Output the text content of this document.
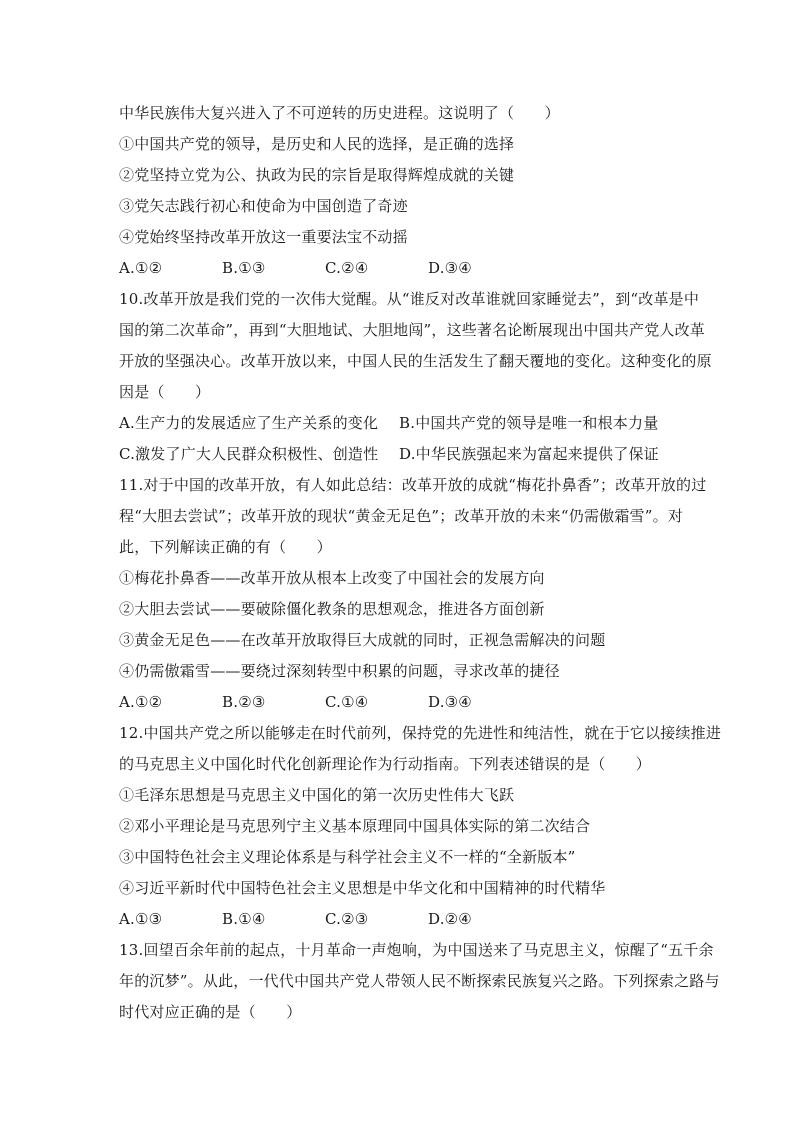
中华民族伟大复兴进入了不可逆转的历史进程。这说明了（　　）
①中国共产党的领导，是历史和人民的选择，是正确的选择
②党坚持立党为公、执政为民的宗旨是取得辉煌成就的关键
③党矢志践行初心和使命为中国创造了奇迹
④党始终坚持改革开放这一重要法宝不动摇
A.①②	B.①③	C.②④	D.③④
10.改革开放是我们党的一次伟大觉醒。从“谁反对改革谁就回家睡觉去”，到“改革是中
国的第二次革命”，再到“大胆地试、大胆地闯”，这些著名论断展现出中国共产党人改革
开放的坚强决心。改革开放以来，中国人民的生活发生了翻天覆地的变化。这种变化的原
因是（　　）
A.生产力的发展适应了生产关系的变化	B.中国共产党的领导是唯一和根本力量
C.激发了广大人民群众积极性、创造性	D.中华民族强起来为富起来提供了保证
11.对于中国的改革开放，有人如此总结：改革开放的成就“梅花扑鼻香”；改革开放的过
程“大胆去尝试”；改革开放的现状“黄金无足色”；改革开放的未来“仍需傲霜雪”。对
此，下列解读正确的有（　　）
①梅花扑鼻香——改革开放从根本上改变了中国社会的发展方向
②大胆去尝试——要破除僵化教条的思想观念，推进各方面创新
③黄金无足色——在改革开放取得巨大成就的同时，正视急需解决的问题
④仍需傲霜雪——要绕过深刻转型中积累的问题，寻求改革的捷径
A.①②	B.②③	C.①④	D.③④
12.中国共产党之所以能够走在时代前列，保持党的先进性和纯洁性，就在于它以接续推进
的马克思主义中国化时代化创新理论作为行动指南。下列表述错误的是（　　）
①毛泽东思想是马克思主义中国化的第一次历史性伟大飞跃
②邓小平理论是马克思列宁主义基本原理同中国具体实际的第二次结合
③中国特色社会主义理论体系是与科学社会主义不一样的“全新版本”
④习近平新时代中国特色社会主义思想是中华文化和中国精神的时代精华
A.①③	B.①④	C.②③	D.②④
13.回望百余年前的起点，十月革命一声炮响，为中国送来了马克思主义，惊醒了“五千余
年的沉梦”。从此，一代代中国共产党人带领人民不断探索民族复兴之路。下列探索之路与
时代对应正确的是（　　）
